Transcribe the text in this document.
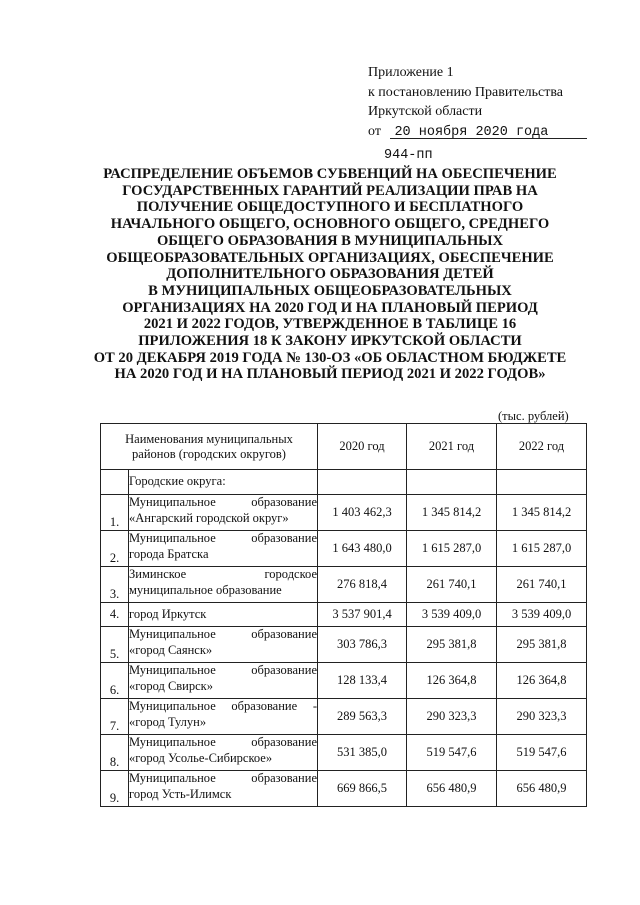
Приложение 1
к постановлению Правительства
Иркутской области
от 20 ноября 2020 года
944-пп
РАСПРЕДЕЛЕНИЕ ОБЪЕМОВ СУБВЕНЦИЙ НА ОБЕСПЕЧЕНИЕ
ГОСУДАРСТВЕННЫХ ГАРАНТИЙ РЕАЛИЗАЦИИ ПРАВ НА
ПОЛУЧЕНИЕ ОБЩЕДОСТУПНОГО И БЕСПЛАТНОГО
НАЧАЛЬНОГО ОБЩЕГО, ОСНОВНОГО ОБЩЕГО, СРЕДНЕГО
ОБЩЕГО ОБРАЗОВАНИЯ В МУНИЦИПАЛЬНЫХ
ОБЩЕОБРАЗОВАТЕЛЬНЫХ ОРГАНИЗАЦИЯХ, ОБЕСПЕЧЕНИЕ
ДОПОЛНИТЕЛЬНОГО ОБРАЗОВАНИЯ ДЕТЕЙ
В МУНИЦИПАЛЬНЫХ ОБЩЕОБРАЗОВАТЕЛЬНЫХ
ОРГАНИЗАЦИЯХ НА 2020 ГОД И НА ПЛАНОВЫЙ ПЕРИОД
2021 И 2022 ГОДОВ, УТВЕРЖДЕННОЕ В ТАБЛИЦЕ 16
ПРИЛОЖЕНИЯ 18 К ЗАКОНУ ИРКУТСКОЙ ОБЛАСТИ
ОТ 20 ДЕКАБРЯ 2019 ГОДА № 130-ОЗ «ОБ ОБЛАСТНОМ БЮДЖЕТЕ
НА 2020 ГОД И НА ПЛАНОВЫЙ ПЕРИОД 2021 И 2022 ГОДОВ»
(тыс. рублей)
Наименования муниципальных
районов (городских округов)		2020 год	2021 год	2022 год
	Городские округа:			
1.	Муниципальное образование
«Ангарский городской округ»	1 403 462,3	1 345 814,2	1 345 814,2
2.	Муниципальное образование
города Братска	1 643 480,0	1 615 287,0	1 615 287,0
3.	Зиминское городское
муниципальное образование	276 818,4	261 740,1	261 740,1
4.	город Иркутск	3 537 901,4	3 539 409,0	3 539 409,0
5.	Муниципальное образование
«город Саянск»	303 786,3	295 381,8	295 381,8
6.	Муниципальное образование
«город Свирск»	128 133,4	126 364,8	126 364,8
7.	Муниципальное образование -
«город Тулун»	289 563,3	290 323,3	290 323,3
8.	Муниципальное образование
«город Усолье-Сибирское»	531 385,0	519 547,6	519 547,6
9.	Муниципальное образование
город Усть-Илимск	669 866,5	656 480,9	656 480,9
